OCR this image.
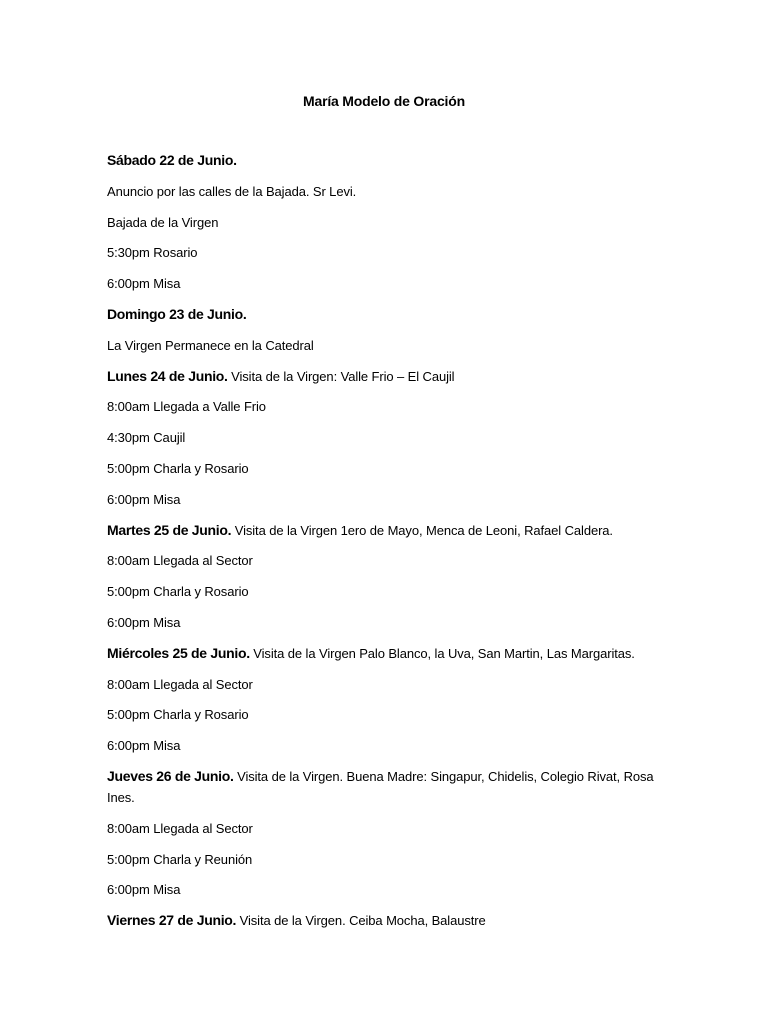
María Modelo de Oración
Sábado 22 de Junio.
Anuncio por las calles de la Bajada. Sr Levi.
Bajada de la Virgen
5:30pm Rosario
6:00pm Misa
Domingo 23 de Junio.
La Virgen Permanece en la Catedral
Lunes 24 de Junio. Visita de la Virgen: Valle Frio – El Caujil
8:00am Llegada a Valle Frio
4:30pm Caujil
5:00pm Charla y Rosario
6:00pm Misa
Martes 25 de Junio. Visita de la Virgen 1ero de Mayo, Menca de Leoni, Rafael Caldera.
8:00am Llegada al Sector
5:00pm Charla y Rosario
6:00pm Misa
Miércoles 25 de Junio. Visita de la Virgen Palo Blanco, la Uva, San Martin, Las Margaritas.
8:00am Llegada al Sector
5:00pm Charla y Rosario
6:00pm Misa
Jueves 26 de Junio. Visita de la Virgen. Buena Madre: Singapur, Chidelis, Colegio Rivat, Rosa Ines.
8:00am Llegada al Sector
5:00pm Charla y Reunión
6:00pm Misa
Viernes 27 de Junio. Visita de la Virgen. Ceiba Mocha, Balaustre
